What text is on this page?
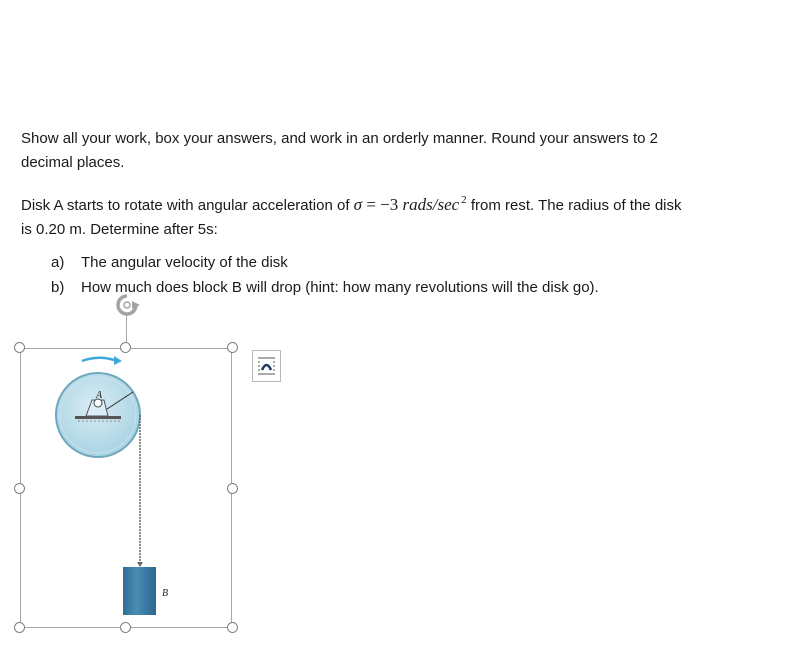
Show all your work, box your answers, and work in an orderly manner. Round your answers to 2
decimal places.

Disk A starts to rotate with angular acceleration of σ = −3 rads/sec $^2$ from rest. The radius of the disk
is 0.20 m. Determine after 5s:

a) The angular velocity of the disk
b) How much does block B will drop (hint: how many revolutions will the disk go).
A
B
